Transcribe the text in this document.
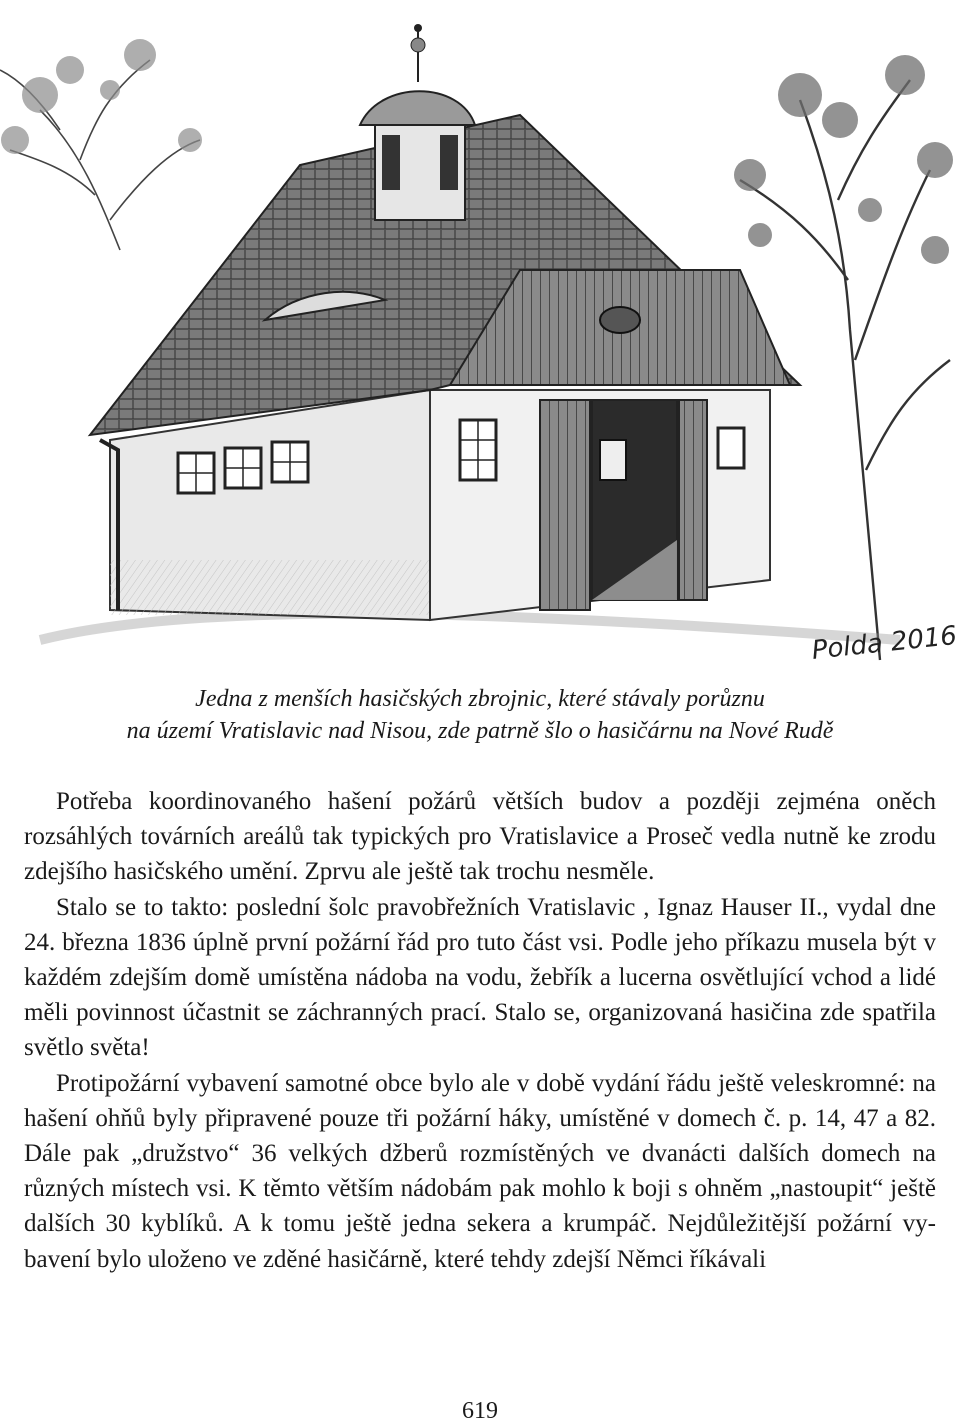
Polda 2016
Jedna z menších hasičských zbrojnic, které stávaly porůznu
na území Vratislavic nad Nisou, zde patrně šlo o hasičárnu na Nové Rudě

Potřeba koordinovaného hašení požárů větších budov a později zejména oněch rozsáhlých továrních areálů tak typických pro Vratislavice a Proseč vedla nutně ke zrodu zdejšího hasičského umění. Zprvu ale ještě tak trochu nesměle.

Stalo se to takto: poslední šolc pravobřežních Vratislavic , Ignaz Hauser II., vydal dne 24. března 1836 úplně první požární řád pro tuto část vsi. Podle jeho příkazu musela být v každém zdejším domě umístěna nádoba na vodu, žebřík a lucerna osvětlující vchod a lidé měli povinnost účastnit se záchranných prací. Stalo se, organizovaná hasičina zde spatřila světlo světa!

Protipožární vybavení samotné obce bylo ale v době vydání řádu ještě veleskromné: na hašení ohňů byly připravené pouze tři požární háky, umístěné v domech č. p. 14, 47 a 82. Dále pak „družstvo“ 36 velkých džberů rozmístěných ve dvanácti dalších domech na různých místech vsi. K těmto větším nádobám pak mohlo k boji s ohněm „nastoupit“ ještě dalších 30 kyblíků. A k tomu ještě jedna sekera a krumpáč. Nejdůležitější požární vybavení bylo uloženo ve zděné hasičárně, které tehdy zdejší Němci říkávali

619
